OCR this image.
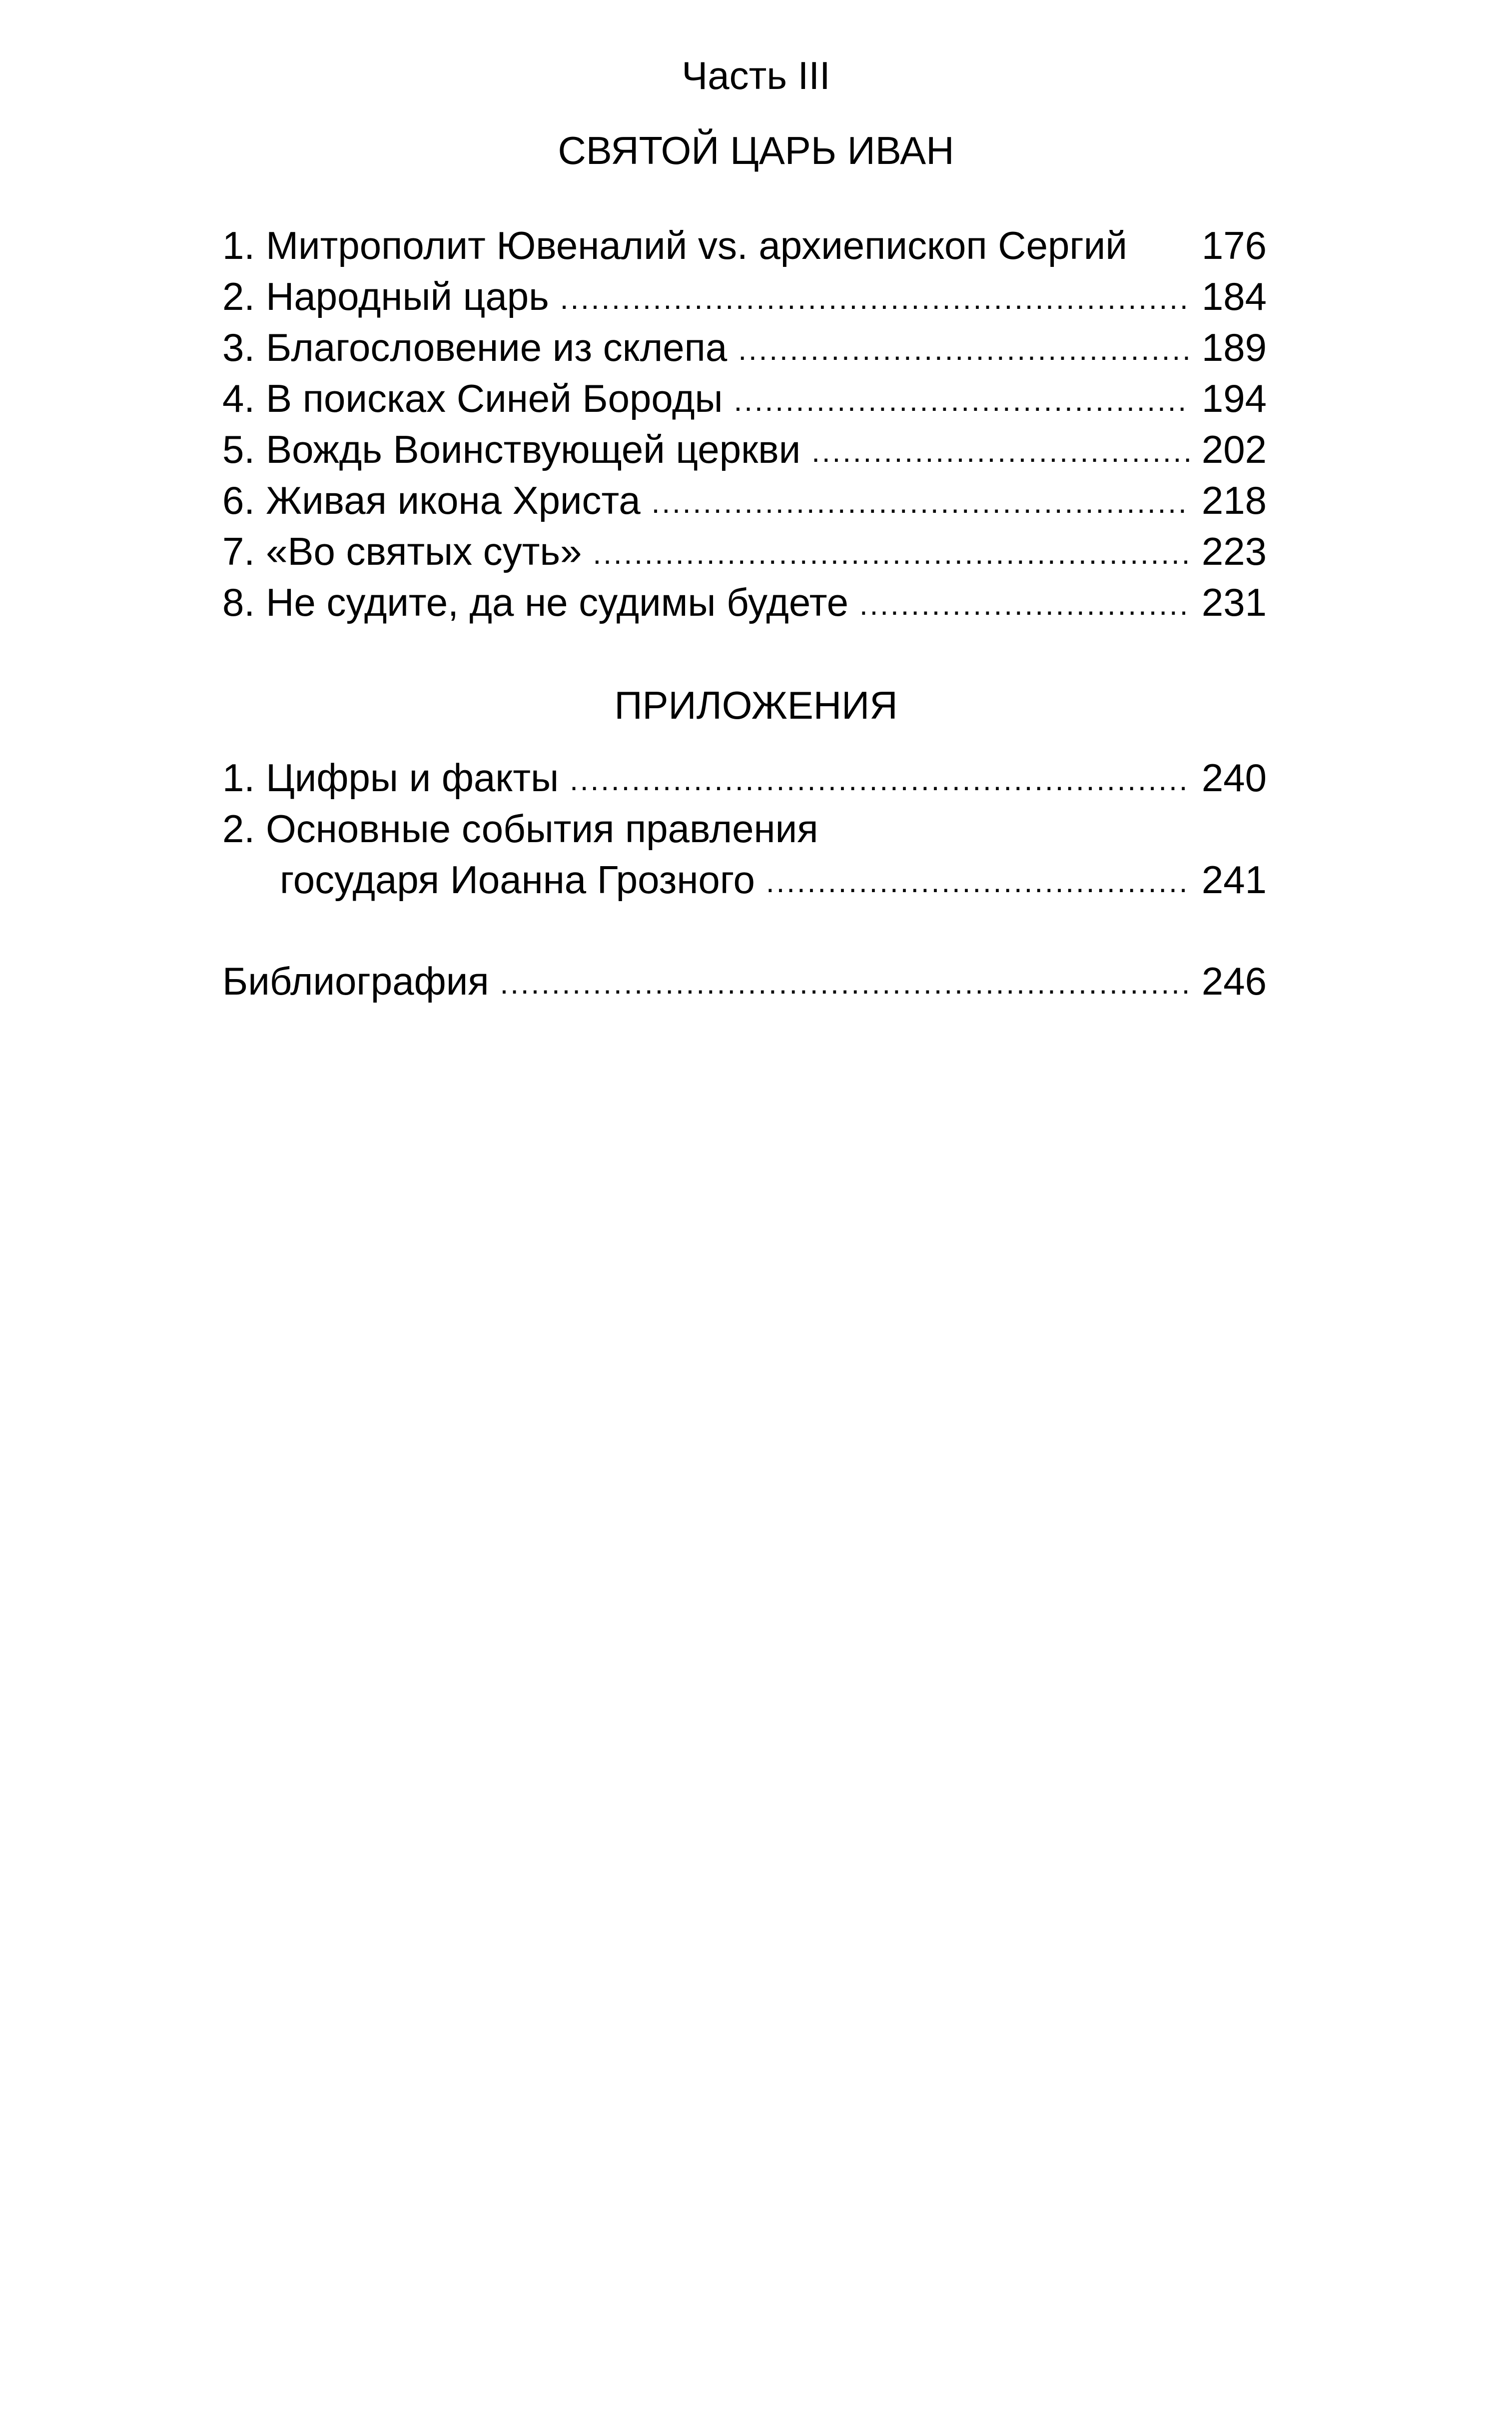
Часть III
СВЯТОЙ ЦАРЬ ИВАН
1. Митрополит Ювеналий vs. архиепископ Сергий 176
2. Народный царь .....	184
3. Благословение из склепа .....	189
4. В поисках Синей Бороды .....	194
5. Вождь Воинствующей церкви .....	202
6. Живая икона Христа .....	218
7. «Во святых суть» .....	223
8. Не судите, да не судимы будете .....	231
ПРИЛОЖЕНИЯ
1. Цифры и факты .....	240
2. Основные события правления
государя Иоанна Грозного .....	241
Библиография .....	246
